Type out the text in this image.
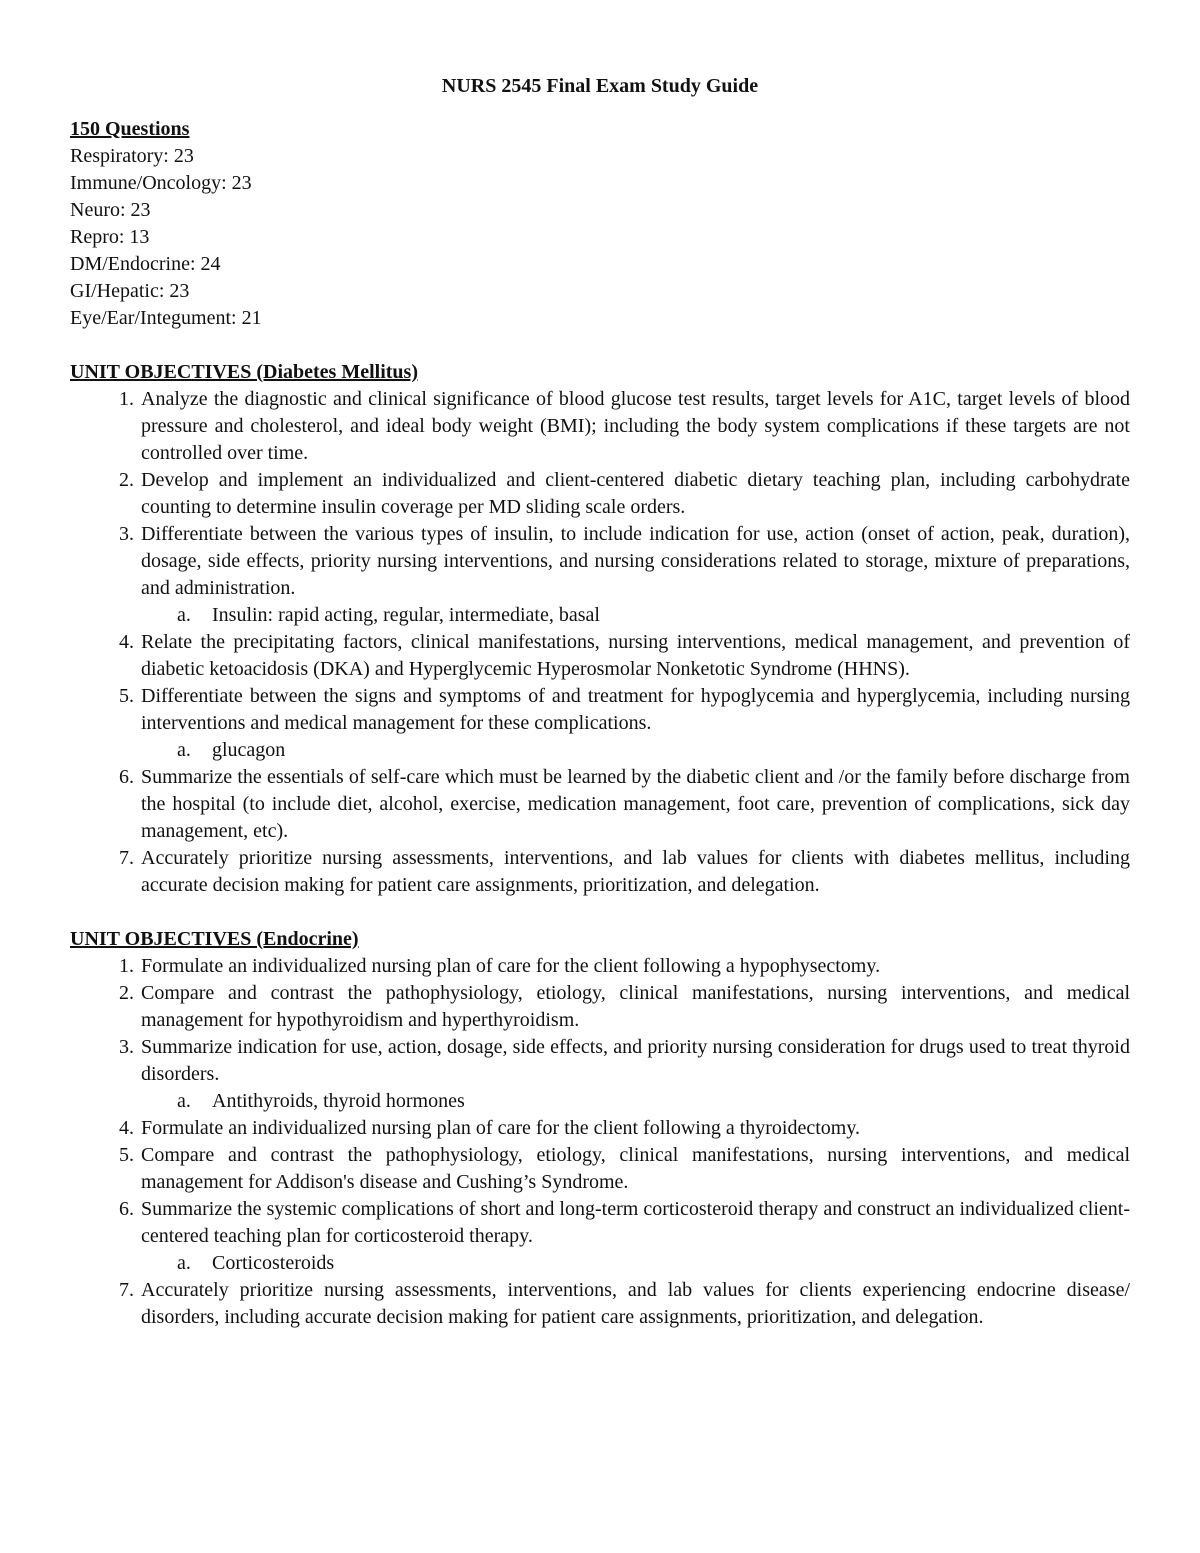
NURS 2545 Final Exam Study Guide
150 Questions
Respiratory: 23
Immune/Oncology: 23
Neuro: 23
Repro: 13
DM/Endocrine: 24
GI/Hepatic: 23
Eye/Ear/Integument: 21
UNIT OBJECTIVES (Diabetes Mellitus)
1. Analyze the diagnostic and clinical significance of blood glucose test results, target levels for A1C, target levels of blood pressure and cholesterol, and ideal body weight (BMI); including the body system complications if these targets are not controlled over time.
2. Develop and implement an individualized and client-centered diabetic dietary teaching plan, including carbohydrate counting to determine insulin coverage per MD sliding scale orders.
3. Differentiate between the various types of insulin, to include indication for use, action (onset of action, peak, duration), dosage, side effects, priority nursing interventions, and nursing considerations related to storage, mixture of preparations, and administration.
a.	Insulin: rapid acting, regular, intermediate, basal
4. Relate the precipitating factors, clinical manifestations, nursing interventions, medical management, and prevention of diabetic ketoacidosis (DKA) and Hyperglycemic Hyperosmolar Nonketotic Syndrome (HHNS).
5. Differentiate between the signs and symptoms of and treatment for hypoglycemia and hyperglycemia, including nursing interventions and medical management for these complications.
a.	glucagon
6. Summarize the essentials of self-care which must be learned by the diabetic client and /or the family before discharge from the hospital (to include diet, alcohol, exercise, medication management, foot care, prevention of complications, sick day management, etc).
7. Accurately prioritize nursing assessments, interventions, and lab values for clients with diabetes mellitus, including accurate decision making for patient care assignments, prioritization, and delegation.
UNIT OBJECTIVES (Endocrine)
1. Formulate an individualized nursing plan of care for the client following a hypophysectomy.
2. Compare and contrast the pathophysiology, etiology, clinical manifestations, nursing interventions, and medical management for hypothyroidism and hyperthyroidism.
3. Summarize indication for use, action, dosage, side effects, and priority nursing consideration for drugs used to treat thyroid disorders.
a.	Antithyroids, thyroid hormones
4. Formulate an individualized nursing plan of care for the client following a thyroidectomy.
5. Compare and contrast the pathophysiology, etiology, clinical manifestations, nursing interventions, and medical management for Addison's disease and Cushing’s Syndrome.
6. Summarize the systemic complications of short and long-term corticosteroid therapy and construct an individualized client-centered teaching plan for corticosteroid therapy.
a.	Corticosteroids
7. Accurately prioritize nursing assessments, interventions, and lab values for clients experiencing endocrine disease/ disorders, including accurate decision making for patient care assignments, prioritization, and delegation.
